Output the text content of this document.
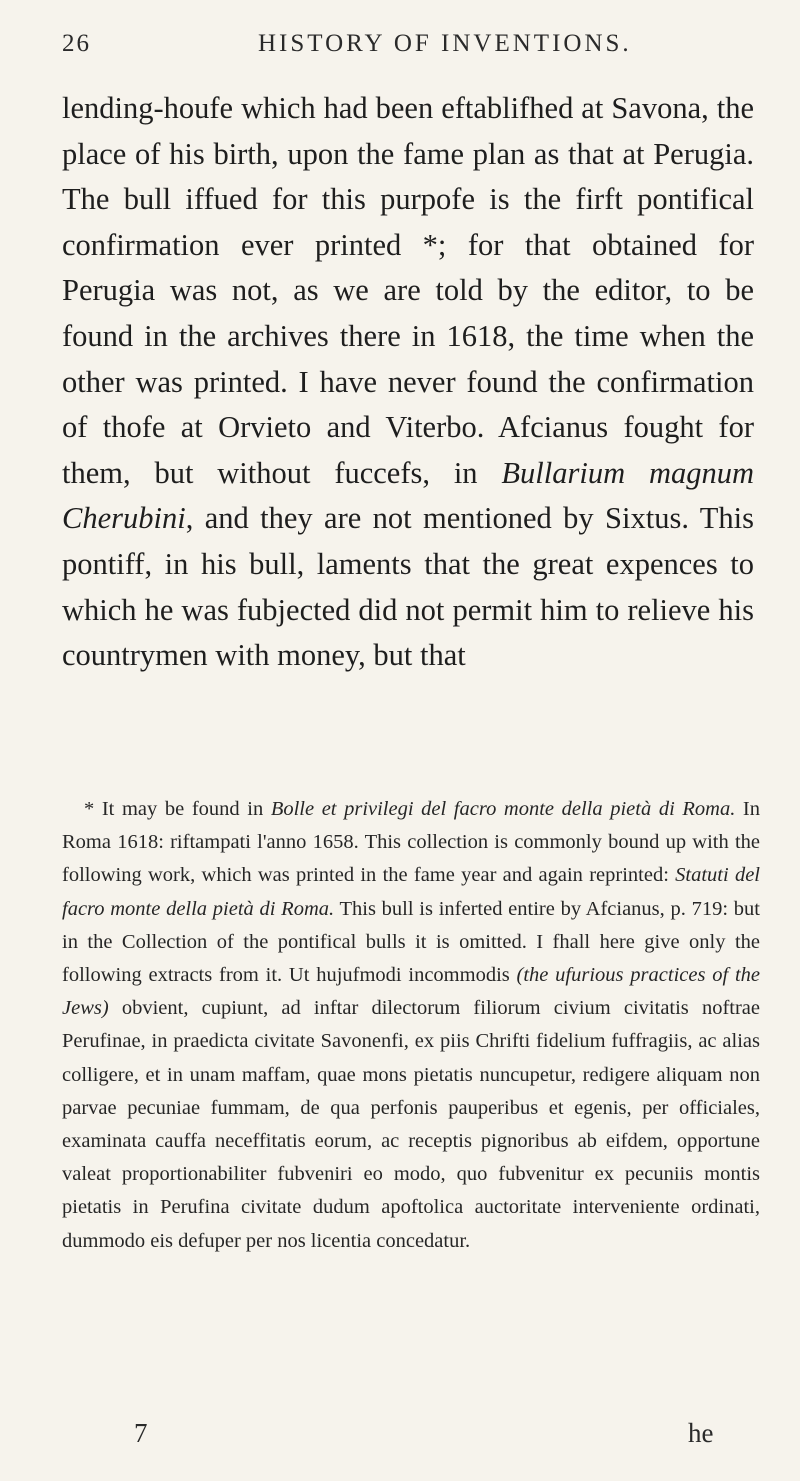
26	HISTORY OF INVENTIONS.

lending-houfe which had been eftablifhed at Savona, the place of his birth, upon the fame plan as that at Perugia. The bull iffued for this purpofe is the firft pontifical confirmation ever printed *; for that obtained for Perugia was not, as we are told by the editor, to be found in the archives there in 1618, the time when the other was printed. I have never found the confirmation of thofe at Orvieto and Viterbo. Afcianus fought for them, but without fuccefs, in Bullarium magnum Cherubini, and they are not mentioned by Sixtus. This pontiff, in his bull, laments that the great expences to which he was fubjected did not permit him to relieve his countrymen with money, but that

* It may be found in Bolle et privilegi del facro monte della pietà di Roma. In Roma 1618: riftampati l'anno 1658. This collection is commonly bound up with the following work, which was printed in the fame year and again reprinted: Statuti del facro monte della pietà di Roma. This bull is inferted entire by Afcianus, p. 719: but in the Collection of the pontifical bulls it is omitted. I fhall here give only the following extracts from it. Ut hujufmodi incommodis (the ufurious practices of the Jews) obvient, cupiunt, ad inftar dilectorum filiorum civium civitatis noftrae Perufinae, in praedicta civitate Savonenfi, ex piis Chrifti fidelium fuffragiis, ac alias colligere, et in unam maffam, quae mons pietatis nuncupetur, redigere aliquam non parvae pecuniae fummam, de qua perfonis pauperibus et egenis, per officiales, examinata cauffa neceffitatis eorum, ac receptis pignoribus ab eifdem, opportune valeat proportionabiliter fubveniri eo modo, quo fubvenitur ex pecuniis montis pietatis in Perufina civitate dudum apoftolica auctoritate interveniente ordinati, dummodo eis defuper per nos licentia concedatur.

7	he
